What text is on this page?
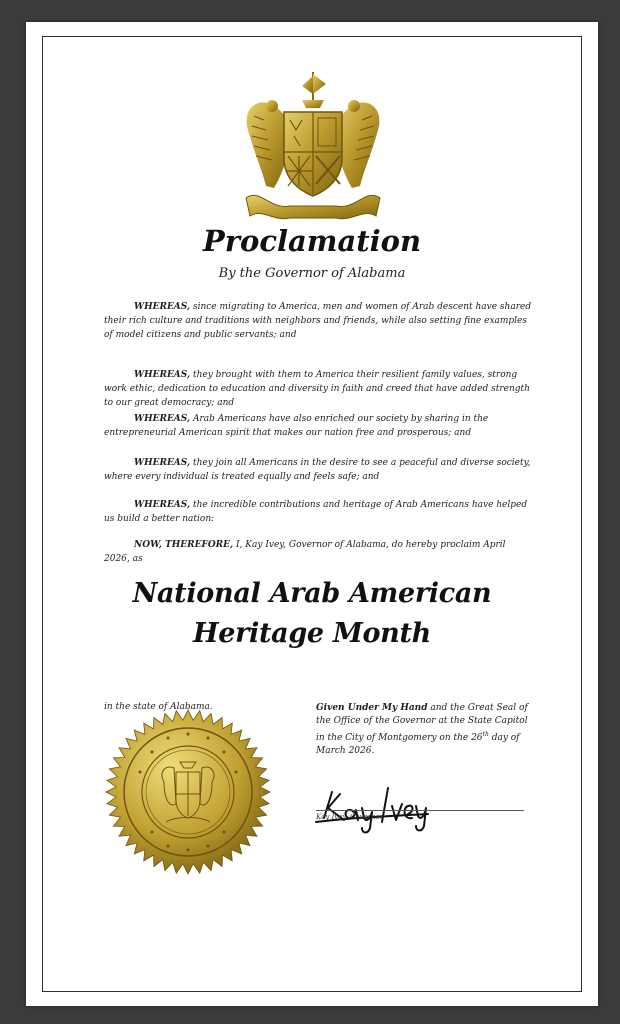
Proclamation
By the Governor of Alabama

WHEREAS, since migrating to America, men and women of Arab descent have shared their rich culture and traditions with neighbors and friends, while also setting fine examples of model citizens and public servants; and

WHEREAS, they brought with them to America their resilient family values, strong work ethic, dedication to education and diversity in faith and creed that have added strength to our great democracy; and

WHEREAS, Arab Americans have also enriched our society by sharing in the entrepreneurial American spirit that makes our nation free and prosperous; and

WHEREAS, they join all Americans in the desire to see a peaceful and diverse society, where every individual is treated equally and feels safe; and

WHEREAS, the incredible contributions and heritage of Arab Americans have helped us build a better nation:

NOW, THEREFORE, I, Kay Ivey, Governor of Alabama, do hereby proclaim April 2026, as

National Arab American
Heritage Month
in the state of Alabama.	Given Under My Hand and the Great Seal of the Office of the Governor at the State Capitol in the City of Montgomery on the 26th day of March 2026.

Kay Ivey, Governor
